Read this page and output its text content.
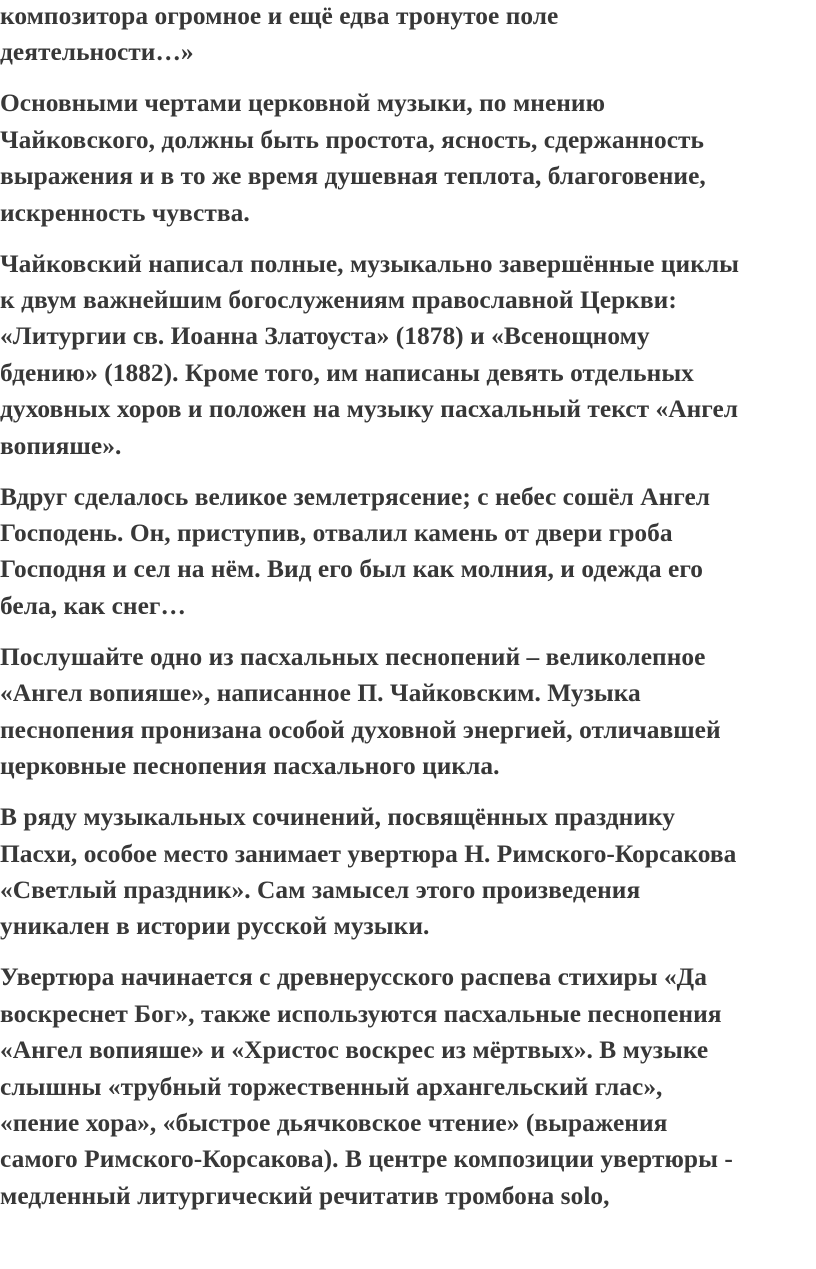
композитора огромное и ещё едва тронутое поле
деятельности…»

Основными чертами церковной музыки, по мнению
Чайковского, должны быть простота, ясность, сдержанность
выражения и в то же время душевная теплота, благоговение,
искренность чувства.

Чайковский написал полные, музыкально завершённые циклы
к двум важнейшим богослужениям православной Церкви:
«Литургии св. Иоанна Златоуста» (1878) и «Всенощному
бдению» (1882). Кроме того, им написаны девять отдельных
духовных хоров и положен на музыку пасхальный текст «Ангел
вопияше».

Вдруг сделалось великое землетрясение; с небес сошёл Ангел
Господень. Он, приступив, отвалил камень от двери гроба
Господня и сел на нём. Вид его был как молния, и одежда его
бела, как снег…

Послушайте одно из пасхальных песнопений – великолепное
«Ангел вопияше», написанное П. Чайковским. Музыка
песнопения пронизана особой духовной энергией, отличавшей
церковные песнопения пасхального цикла.

В ряду музыкальных сочинений, посвящённых празднику
Пасхи, особое место занимает увертюра Н. Римского-Корсакова
«Светлый праздник». Сам замысел этого произведения
уникален в истории русской музыки.

Увертюра начинается с древнерусского распева стихиры «Да
воскреснет Бог», также используются пасхальные песнопения
«Ангел вопияше» и «Христос воскрес из мёртвых». В музыке
слышны «трубный торжественный архангельский глас»,
«пение хора», «быстрое дьячковское чтение» (выражения
самого Римского-Корсакова). В центре композиции увертюры -
медленный литургический речитатив тромбона solo,
